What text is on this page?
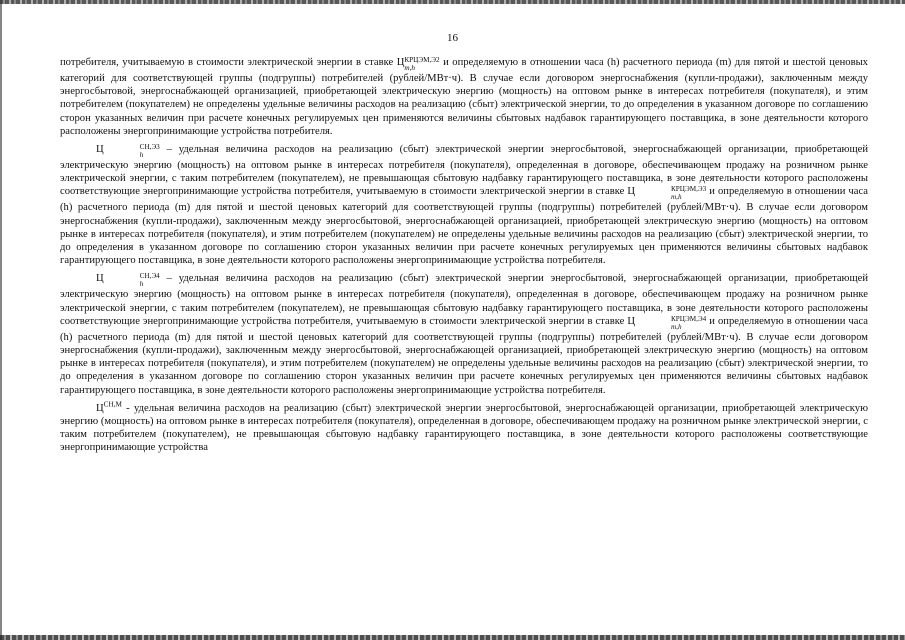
16

потребителя, учитываемую в стоимости электрической энергии в ставке Ц КРЦЭМ,Э2
m,h	и определяемую в отношении часа (h) расчетного периода (m) для пятой и шестой ценовых категорий для соответствующей группы (подгруппы) потребителей (рублей/МВт·ч). В случае если договором энергоснабжения (купли-продажи), заключенным между энергосбытовой, энергоснабжающей организацией, приобретающей электрическую энергию (мощность) на оптовом рынке в интересах потребителя (покупателя), и этим потребителем (покупателем) не определены удельные величины расходов на реализацию (сбыт) электрической энергии, то до определения в указанном договоре по соглашению сторон указанных величин при расчете конечных регулируемых цен применяются величины сбытовых надбавок гарантирующего поставщика, в зоне деятельности которого расположены энергопринимающие устройства потребителя.

Ц	СН,Э3
h	– удельная величина расходов на реализацию (сбыт) электрической энергии энергосбытовой, энергоснабжающей организации, приобретающей электрическую энергию (мощность) на оптовом рынке в интересах потребителя (покупателя), определенная в договоре, обеспечивающем продажу на розничном рынке электрической энергии, с таким потребителем (покупателем), не превышающая сбытовую надбавку гарантирующего поставщика, в зоне деятельности которого расположены соответствующие энергопринимающие устройства потребителя, учитываемую в стоимости электрической энергии в ставке Ц	КРЦЭМ,Э3
m,h	и определяемую в отношении часа (h) расчетного периода (m) для пятой и шестой ценовых категорий для соответствующей группы (подгруппы) потребителей (рублей/МВт·ч). В случае если договором энергоснабжения (купли-продажи), заключенным между энергосбытовой, энергоснабжающей организацией, приобретающей электрическую энергию (мощность) на оптовом рынке в интересах потребителя (покупателя), и этим потребителем (покупателем) не определены удельные величины расходов на реализацию (сбыт) электрической энергии, то до определения в указанном договоре по соглашению сторон указанных величин при расчете конечных регулируемых цен применяются величины сбытовых надбавок гарантирующего поставщика, в зоне деятельности которого расположены энергопринимающие устройства потребителя.

Ц	СН,Э4
h	– удельная величина расходов на реализацию (сбыт) электрической энергии энергосбытовой, энергоснабжающей организации, приобретающей электрическую энергию (мощность) на оптовом рынке в интересах потребителя (покупателя), определенная в договоре, обеспечивающем продажу на розничном рынке электрической энергии, с таким потребителем (покупателем), не превышающая сбытовую надбавку гарантирующего поставщика, в зоне деятельности которого расположены соответствующие энергопринимающие устройства потребителя, учитываемую в стоимости электрической энергии в ставке Ц	КРЦЭМ,Э4
m,h	и определяемую в отношении часа (h) расчетного периода (m) для пятой и шестой ценовых категорий для соответствующей группы (подгруппы) потребителей (рублей/МВт·ч). В случае если договором энергоснабжения (купли-продажи), заключенным между энергосбытовой, энергоснабжающей организацией, приобретающей электрическую энергию (мощность) на оптовом рынке в интересах потребителя (покупателя), и этим потребителем (покупателем) не определены удельные величины расходов на реализацию (сбыт) электрической энергии, то до определения в указанном договоре по соглашению сторон указанных величин при расчете конечных регулируемых цен применяются величины сбытовых надбавок гарантирующего поставщика, в зоне деятельности которого расположены энергопринимающие устройства потребителя.

$Ц^{СН,М}$ - удельная величина расходов на реализацию (сбыт) электрической энергии энергосбытовой, энергоснабжающей организации, приобретающей электрическую энергию (мощность) на оптовом рынке в интересах потребителя (покупателя), определенная в договоре, обеспечивающем продажу на розничном рынке электрической энергии, с таким потребителем (покупателем), не превышающая сбытовую надбавку гарантирующего поставщика, в зоне деятельности которого расположены соответствующие энергопринимающие устройства
